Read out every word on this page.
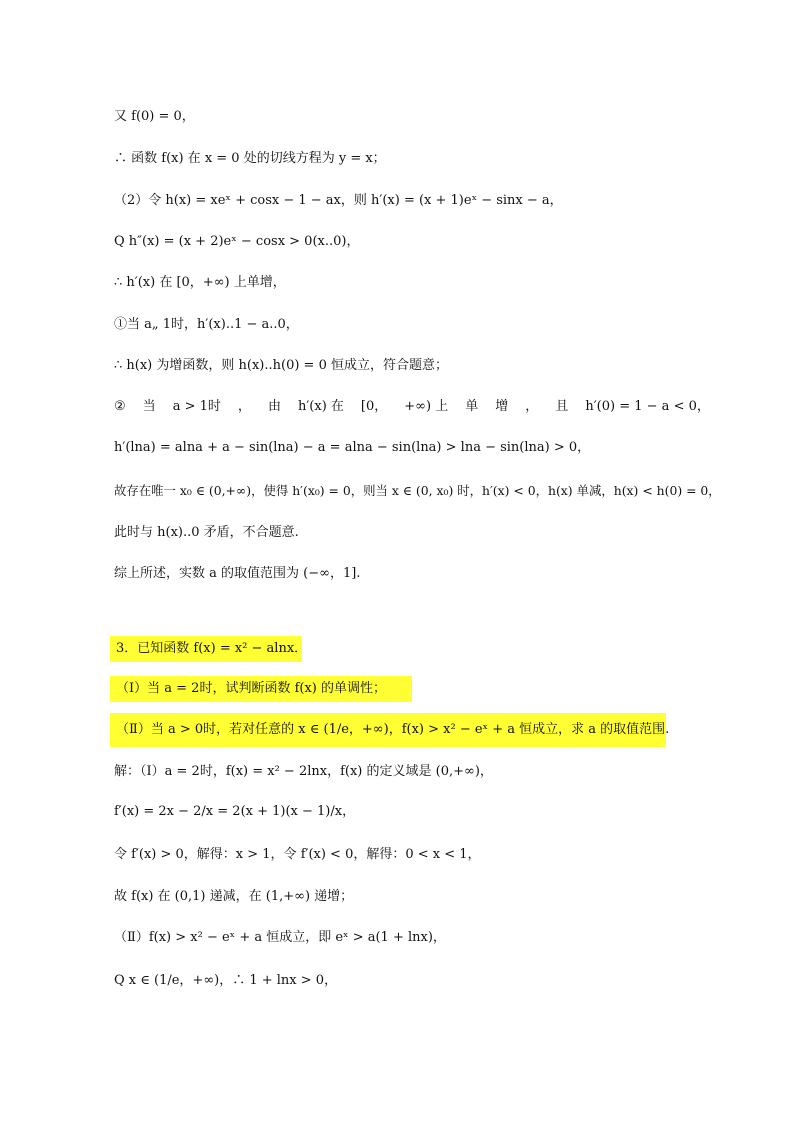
又 f(0) = 0，
∴ 函数 f(x) 在 x = 0 处的切线方程为 y = x；
（2）令 h(x) = xeˣ + cosx − 1 − ax，则 h′(x) = (x + 1)eˣ − sinx − a，
Q h″(x) = (x + 2)eˣ − cosx > 0(x..0)，
∴ h′(x) 在 [0，+∞) 上单增，
①当 a„ 1时，h′(x)..1 − a..0，
∴ h(x) 为增函数，则 h(x)..h(0) = 0 恒成立，符合题意；
② 当 a > 1时 ， 由 h′(x) 在 [0， +∞) 上 单 增 ， 且 h′(0) = 1 − a < 0，
h′(lna) = alna + a − sin(lna) − a = alna − sin(lna) > lna − sin(lna) > 0，
故存在唯一 x₀ ∈ (0,+∞)，使得 h′(x₀) = 0，则当 x ∈ (0, x₀) 时，h′(x) < 0，h(x) 单减，h(x) < h(0) = 0，
此时与 h(x)..0 矛盾，不合题意.
综上所述，实数 a 的取值范围为 (−∞，1].
3．已知函数 f(x) = x² − alnx．
（Ⅰ）当 a = 2时，试判断函数 f(x) 的单调性；
（Ⅱ）当 a > 0时，若对任意的 x ∈ (1/e，+∞)，f(x) > x² − eˣ + a 恒成立，求 a 的取值范围.
解：（Ⅰ）a = 2时，f(x) = x² − 2lnx，f(x) 的定义域是 (0,+∞)，
f′(x) = 2x − 2/x = 2(x + 1)(x − 1)/x，
令 f′(x) > 0，解得：x > 1，令 f′(x) < 0，解得：0 < x < 1，
故 f(x) 在 (0,1) 递减，在 (1,+∞) 递增；
（Ⅱ）f(x) > x² − eˣ + a 恒成立，即 eˣ > a(1 + lnx)，
Q x ∈ (1/e，+∞)，∴ 1 + lnx > 0，
